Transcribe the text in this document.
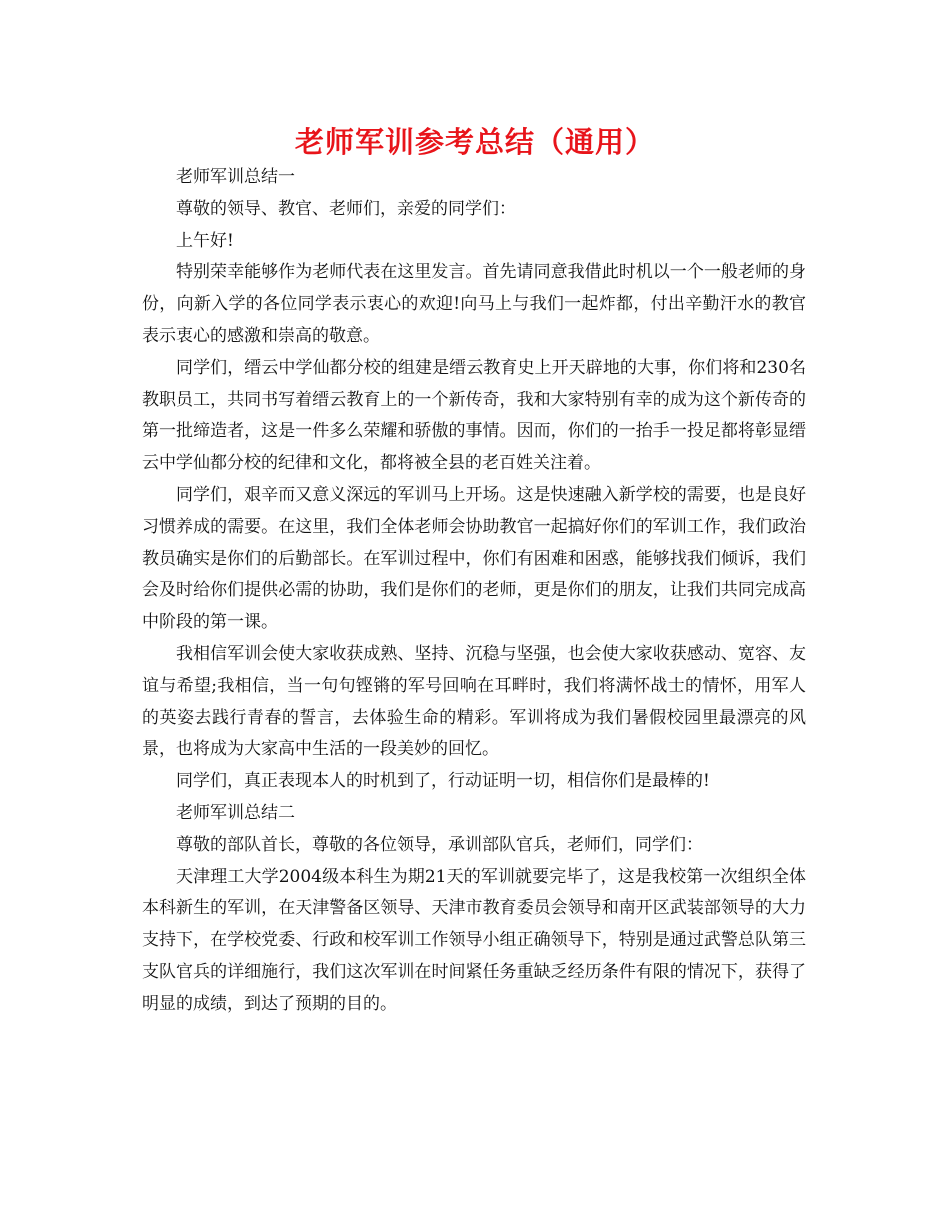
老师军训参考总结（通用）

老师军训总结一

尊敬的领导、教官、老师们，亲爱的同学们：

上午好!

特别荣幸能够作为老师代表在这里发言。首先请同意我借此时机以一个一般老师的身份，向新入学的各位同学表示衷心的欢迎!向马上与我们一起炸都，付出辛勤汗水的教官表示衷心的感激和崇高的敬意。

同学们，缙云中学仙都分校的组建是缙云教育史上开天辟地的大事，你们将和230名教职员工，共同书写着缙云教育上的一个新传奇，我和大家特别有幸的成为这个新传奇的第一批缔造者，这是一件多么荣耀和骄傲的事情。因而，你们的一抬手一投足都将彰显缙云中学仙都分校的纪律和文化，都将被全县的老百姓关注着。

同学们，艰辛而又意义深远的军训马上开场。这是快速融入新学校的需要，也是良好习惯养成的需要。在这里，我们全体老师会协助教官一起搞好你们的军训工作，我们政治教员确实是你们的后勤部长。在军训过程中，你们有困难和困惑，能够找我们倾诉，我们会及时给你们提供必需的协助，我们是你们的老师，更是你们的朋友，让我们共同完成高中阶段的第一课。

我相信军训会使大家收获成熟、坚持、沉稳与坚强，也会使大家收获感动、宽容、友谊与希望;我相信，当一句句铿锵的军号回响在耳畔时，我们将满怀战士的情怀，用军人的英姿去践行青春的誓言，去体验生命的精彩。军训将成为我们暑假校园里最漂亮的风景，也将成为大家高中生活的一段美妙的回忆。

同学们，真正表现本人的时机到了，行动证明一切，相信你们是最棒的!

老师军训总结二

尊敬的部队首长，尊敬的各位领导，承训部队官兵，老师们，同学们：

天津理工大学2004级本科生为期21天的军训就要完毕了，这是我校第一次组织全体本科新生的军训，在天津警备区领导、天津市教育委员会领导和南开区武装部领导的大力支持下，在学校党委、行政和校军训工作领导小组正确领导下，特别是通过武警总队第三支队官兵的详细施行，我们这次军训在时间紧任务重缺乏经历条件有限的情况下，获得了明显的成绩，到达了预期的目的。
